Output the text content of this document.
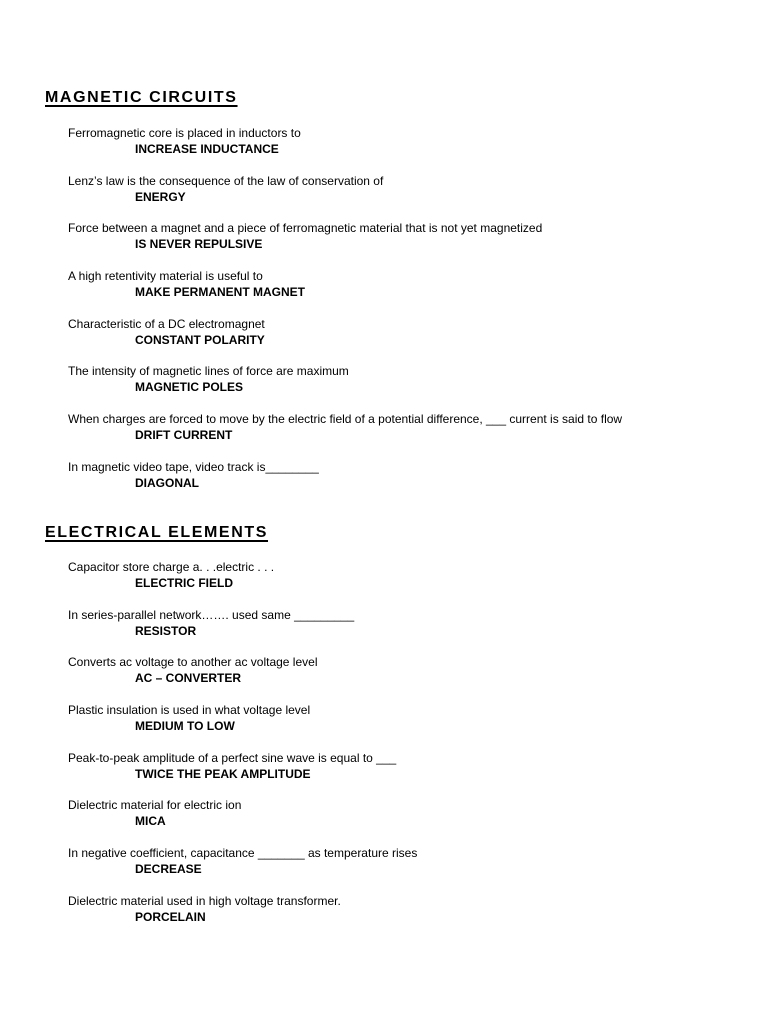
MAGNETIC CIRCUITS
Ferromagnetic core is placed in inductors to
INCREASE INDUCTANCE
Lenz’s law is the consequence of the law of conservation of
ENERGY
Force between a magnet and a piece of ferromagnetic material that is not yet magnetized
IS NEVER REPULSIVE
A high retentivity material is useful to
MAKE PERMANENT MAGNET
Characteristic of a DC electromagnet
CONSTANT POLARITY
The intensity of magnetic lines of force are maximum
MAGNETIC POLES
When charges are forced to move by the electric field of a potential difference, ___ current is said to flow
DRIFT CURRENT
In magnetic video tape, video track is________
DIAGONAL
ELECTRICAL ELEMENTS
Capacitor store charge a. . .electric . . .
ELECTRIC FIELD
In series-parallel network……. used same _________
RESISTOR
Converts ac voltage to another ac voltage level
AC – CONVERTER
Plastic insulation is used in what voltage level
MEDIUM TO LOW
Peak-to-peak amplitude of a perfect sine wave is equal to ___
TWICE THE PEAK AMPLITUDE
Dielectric material for electric ion
MICA
In negative coefficient, capacitance _______ as temperature rises
DECREASE
Dielectric material used in high voltage transformer.
PORCELAIN
